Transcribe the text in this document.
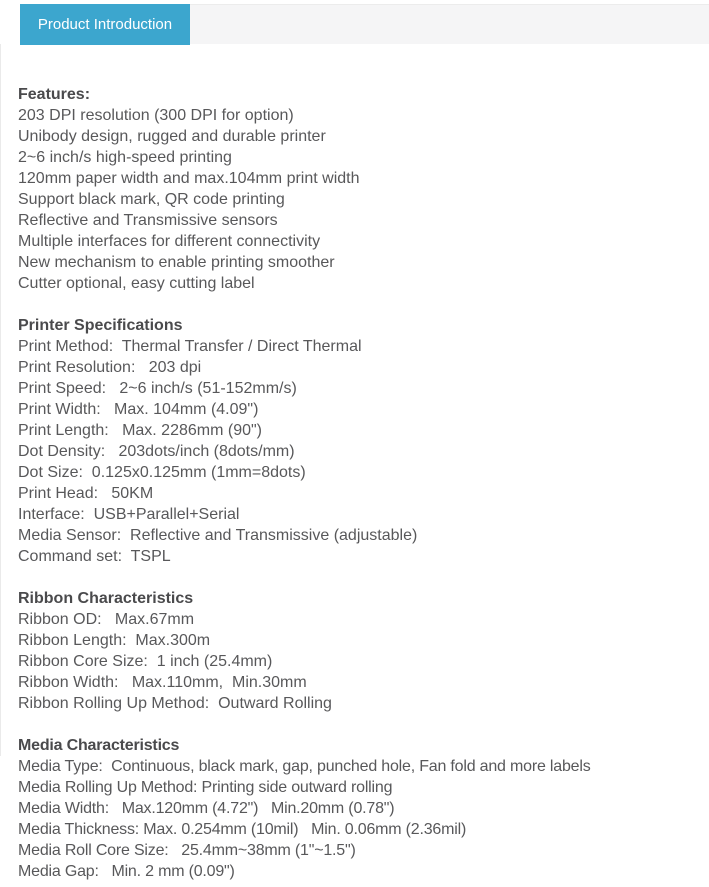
Product Introduction
Features:

203 DPI resolution (300 DPI for option)

Unibody design, rugged and durable printer

2~6 inch/s high-speed printing

120mm paper width and max.104mm print width

Support black mark, QR code printing

Reflective and Transmissive sensors

Multiple interfaces for different connectivity

New mechanism to enable printing smoother

Cutter optional, easy cutting label

Printer Specifications

Print Method:  Thermal Transfer / Direct Thermal

Print Resolution:   203 dpi

Print Speed:   2~6 inch/s (51-152mm/s)

Print Width:   Max. 104mm (4.09")

Print Length:   Max. 2286mm (90")

Dot Density:   203dots/inch (8dots/mm)

Dot Size:  0.125x0.125mm (1mm=8dots)

Print Head:   50KM

Interface:  USB+Parallel+Serial

Media Sensor:  Reflective and Transmissive (adjustable)

Command set:  TSPL

Ribbon Characteristics

Ribbon OD:   Max.67mm

Ribbon Length:  Max.300m

Ribbon Core Size:  1 inch (25.4mm)

Ribbon Width:   Max.110mm,  Min.30mm

Ribbon Rolling Up Method:  Outward Rolling

Media Characteristics

Media Type:  Continuous, black mark, gap, punched hole, Fan fold and more labels

Media Rolling Up Method: Printing side outward rolling

Media Width:   Max.120mm (4.72")   Min.20mm (0.78")

Media Thickness: Max. 0.254mm (10mil)   Min. 0.06mm (2.36mil)

Media Roll Core Size:   25.4mm~38mm (1"~1.5")

Media Gap:   Min. 2 mm (0.09")
